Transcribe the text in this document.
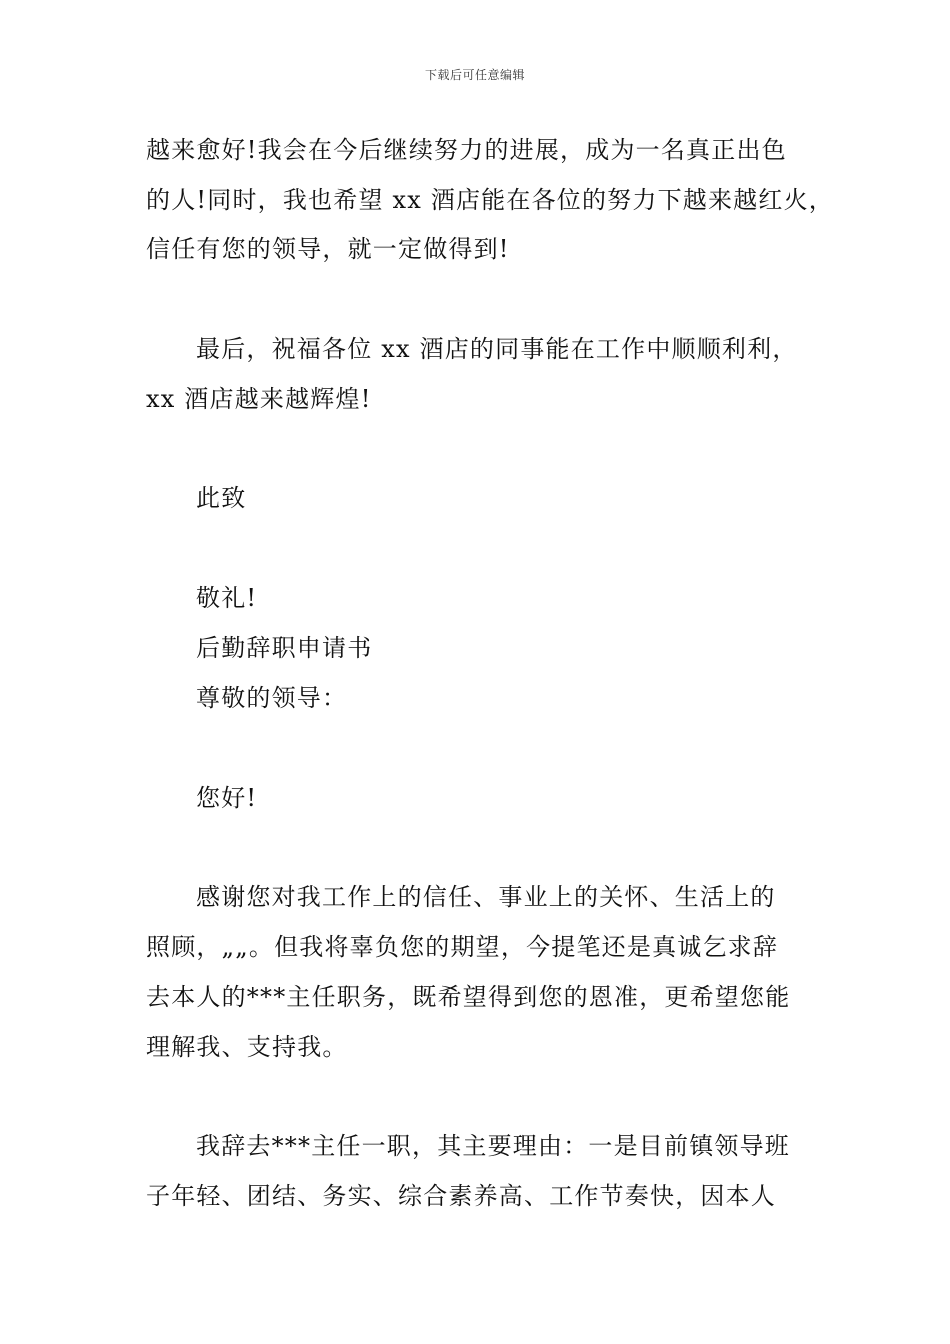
下载后可任意编辑
越来愈好!我会在今后继续努力的进展，成为一名真正出色
的人!同时，我也希望 xx 酒店能在各位的努力下越来越红火，
信任有您的领导，就一定做得到!
最后，祝福各位 xx 酒店的同事能在工作中顺顺利利，
xx 酒店越来越辉煌!
此致
敬礼!
后勤辞职申请书
尊敬的领导：
您好!
感谢您对我工作上的信任、事业上的关怀、生活上的
照顾，„„。但我将辜负您的期望，今提笔还是真诚乞求辞
去本人的***主任职务，既希望得到您的恩准，更希望您能
理解我、支持我。
我辞去***主任一职，其主要理由：一是目前镇领导班
子年轻、团结、务实、综合素养高、工作节奏快，因本人
